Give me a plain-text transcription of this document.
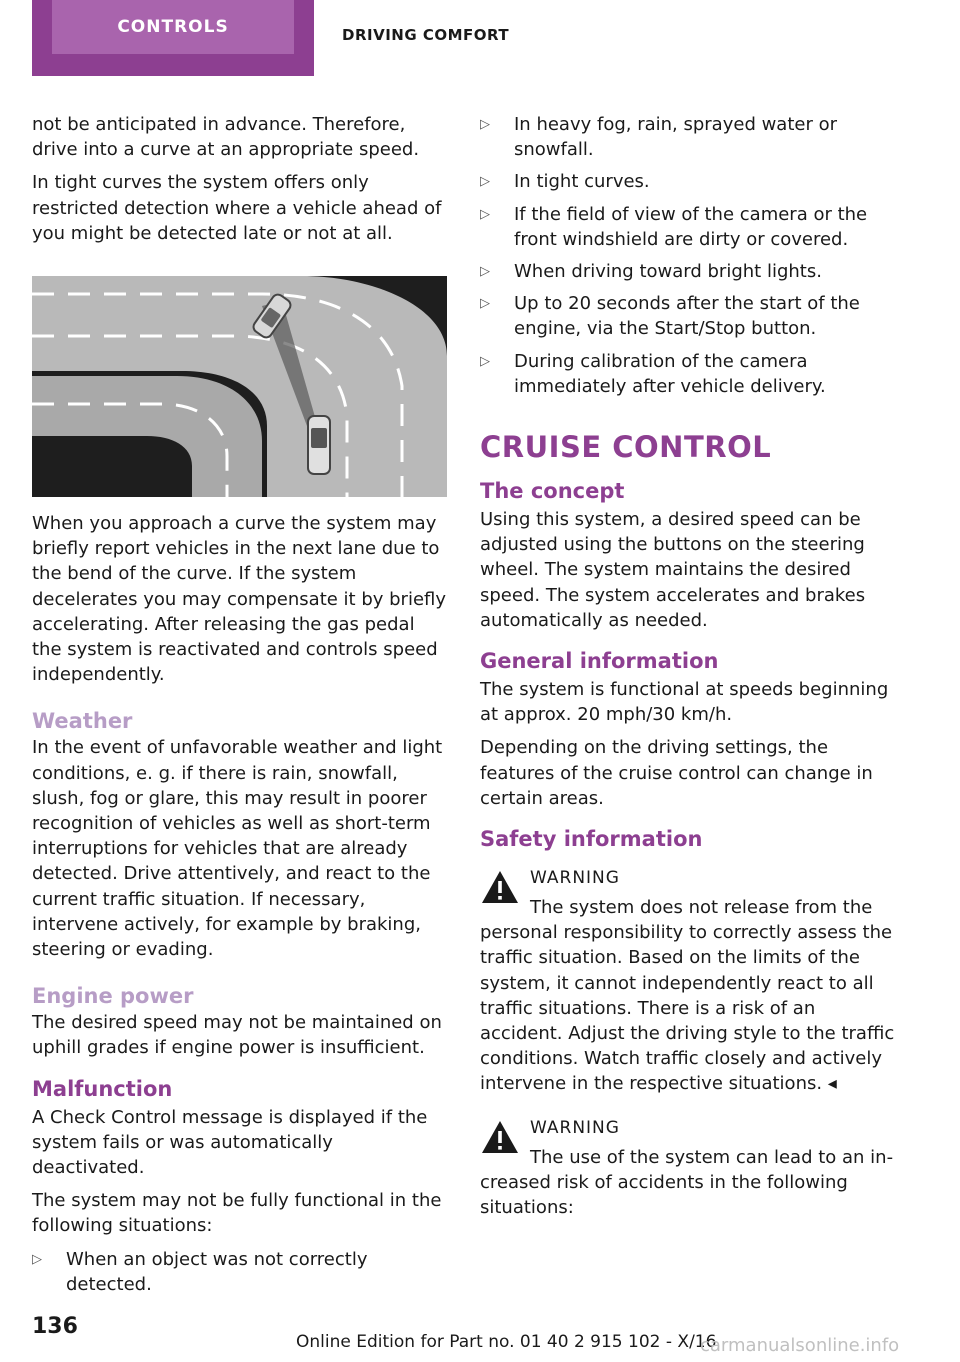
CONTROLS	DRIVING COMFORT

not be anticipated in advance. Therefore, drive into a curve at an appropriate speed.

In tight curves the system offers only restricted detection where a vehicle ahead of you might be detected late or not at all.

When you approach a curve the system may briefly report vehicles in the next lane due to the bend of the curve. If the system decelerates you may compensate it by briefly accelerating. After releasing the gas pedal the system is reactivated and controls speed independently.

Weather

In the event of unfavorable weather and light conditions, e. g. if there is rain, snowfall, slush, fog or glare, this may result in poorer recognition of vehicles as well as short-term interruptions for vehicles that are already detected. Drive attentively, and react to the current traffic situation. If necessary, intervene actively, for example by braking, steering or evading.

Engine power

The desired speed may not be maintained on uphill grades if engine power is insufficient.

Malfunction

A Check Control message is displayed if the system fails or was automatically deactivated.

The system may not be fully functional in the following situations:

▷ When an object was not correctly detected.
▷ In heavy fog, rain, sprayed water or snowfall.
▷ In tight curves.
▷ If the field of view of the camera or the front windshield are dirty or covered.
▷ When driving toward bright lights.
▷ Up to 20 seconds after the start of the engine, via the Start/Stop button.
▷ During calibration of the camera immediately after vehicle delivery.
CRUISE CONTROL
The concept

Using this system, a desired speed can be adjusted using the buttons on the steering wheel. The system maintains the desired speed. The system accelerates and brakes automatically as needed.

General information

The system is functional at speeds beginning at approx. 20 mph/30 km/h.

Depending on the driving settings, the features of the cruise control can change in certain areas.

Safety information
WARNING
The system does not release from the
personal responsibility to correctly assess the traffic situation. Based on the limits of the system, it cannot independently react to all traffic situations. There is a risk of an accident. Adjust the driving style to the traffic conditions. Watch traffic closely and actively intervene in the respective situations. ◂
WARNING
The use of the system can lead to an in-
creased risk of accidents in the following situations:
136
Online Edition for Part no. 01 40 2 915 102 - X/16
carmanualsonline.info
